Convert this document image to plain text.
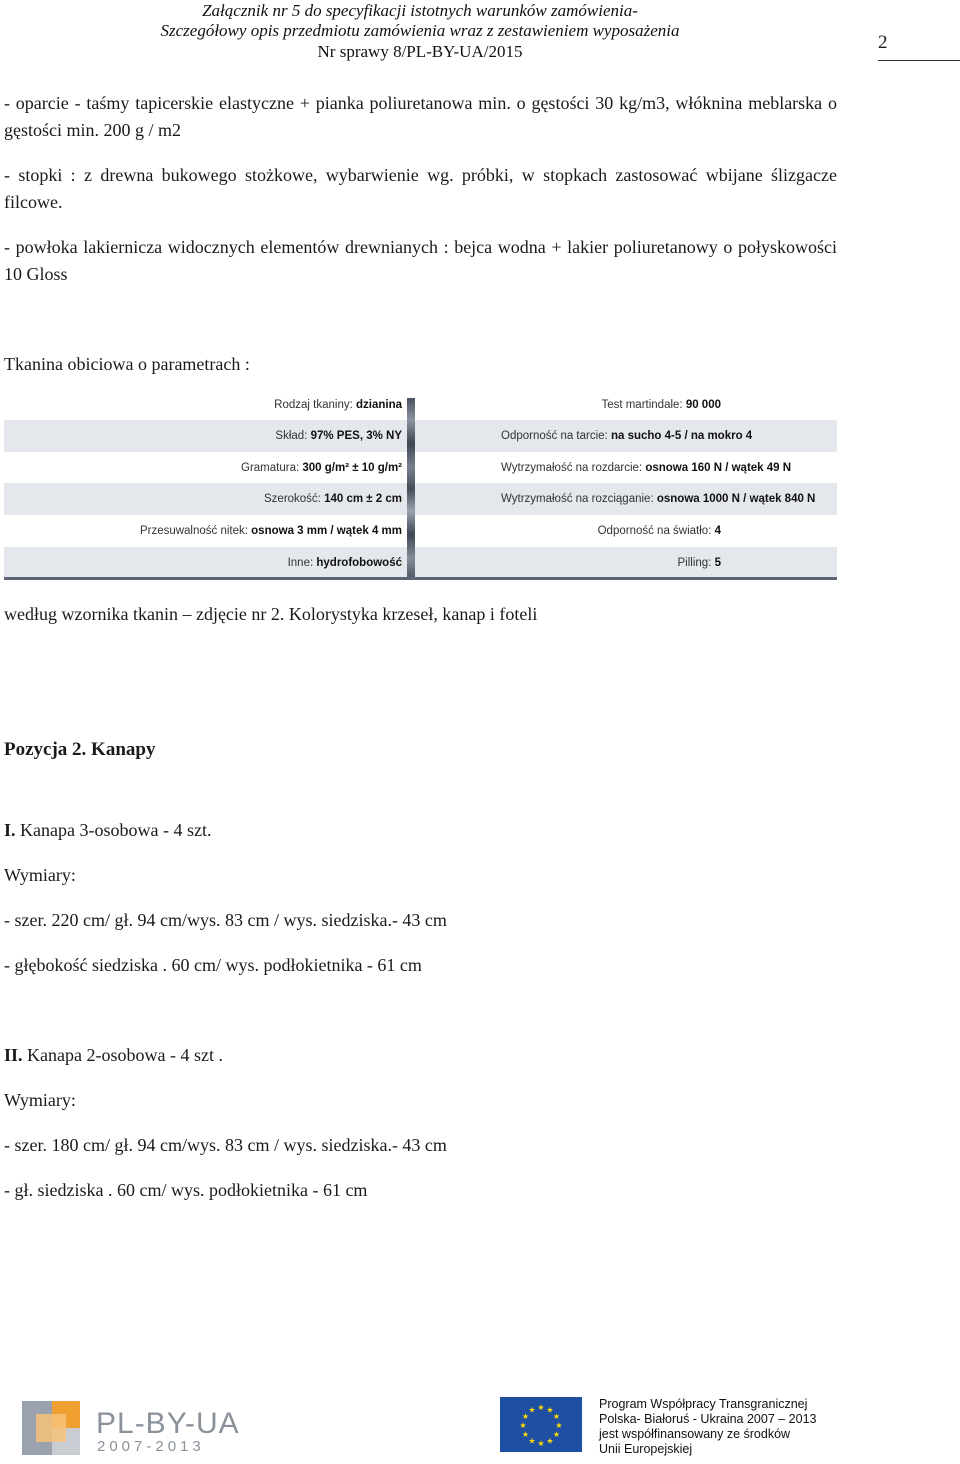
Załącznik nr 5 do specyfikacji istotnych warunków zamówienia-
Szczegółowy opis przedmiotu zamówienia wraz z zestawieniem wyposażenia
Nr sprawy 8/PL-BY-UA/2015	2
- oparcie - taśmy tapicerskie elastyczne + pianka poliuretanowa min. o gęstości 30 kg/m3, włóknina meblarska o gęstości min. 200 g / m2
- stopki : z drewna bukowego stożkowe, wybarwienie wg. próbki, w stopkach zastosować wbijane ślizgacze filcowe.
- powłoka lakiernicza widocznych elementów drewnianych : bejca wodna + lakier poliuretanowy o połyskowości 10 Gloss
Tkanina obiciowa o parametrach :
Rodzaj tkaniny: dzianina	Test martindale: 90 000
Skład: 97% PES, 3% NY	Odporność na tarcie: na sucho 4-5 / na mokro 4
Gramatura: 300 g/m² ± 10 g/m²	Wytrzymałość na rozdarcie: osnowa 160 N / wątek 49 N
Szerokość: 140 cm ± 2 cm	Wytrzymałość na rozciąganie: osnowa 1000 N / wątek 840 N
Przesuwalność nitek: osnowa 3 mm / wątek 4 mm	Odporność na światło: 4
Inne: hydrofobowość	Pilling: 5
według wzornika tkanin – zdjęcie nr 2. Kolorystyka krzeseł, kanap i foteli
Pozycja 2. Kanapy
I. Kanapa 3-osobowa - 4 szt.
Wymiary:
- szer. 220 cm/ gł. 94 cm/wys. 83 cm / wys. siedziska.- 43 cm
- głębokość siedziska . 60 cm/ wys. podłokietnika - 61 cm
II. Kanapa 2-osobowa - 4 szt .
Wymiary:
- szer. 180 cm/ gł. 94 cm/wys. 83 cm / wys. siedziska.- 43 cm
- gł. siedziska . 60 cm/ wys. podłokietnika - 61 cm
PL-BY-UA
2007-2013
★ ★
★
★
★
★
★
★
★
★
★
★	Program Współpracy Transgranicznej
Polska- Białoruś - Ukraina 2007 – 2013
jest współfinansowany ze środków
Unii Europejskiej
